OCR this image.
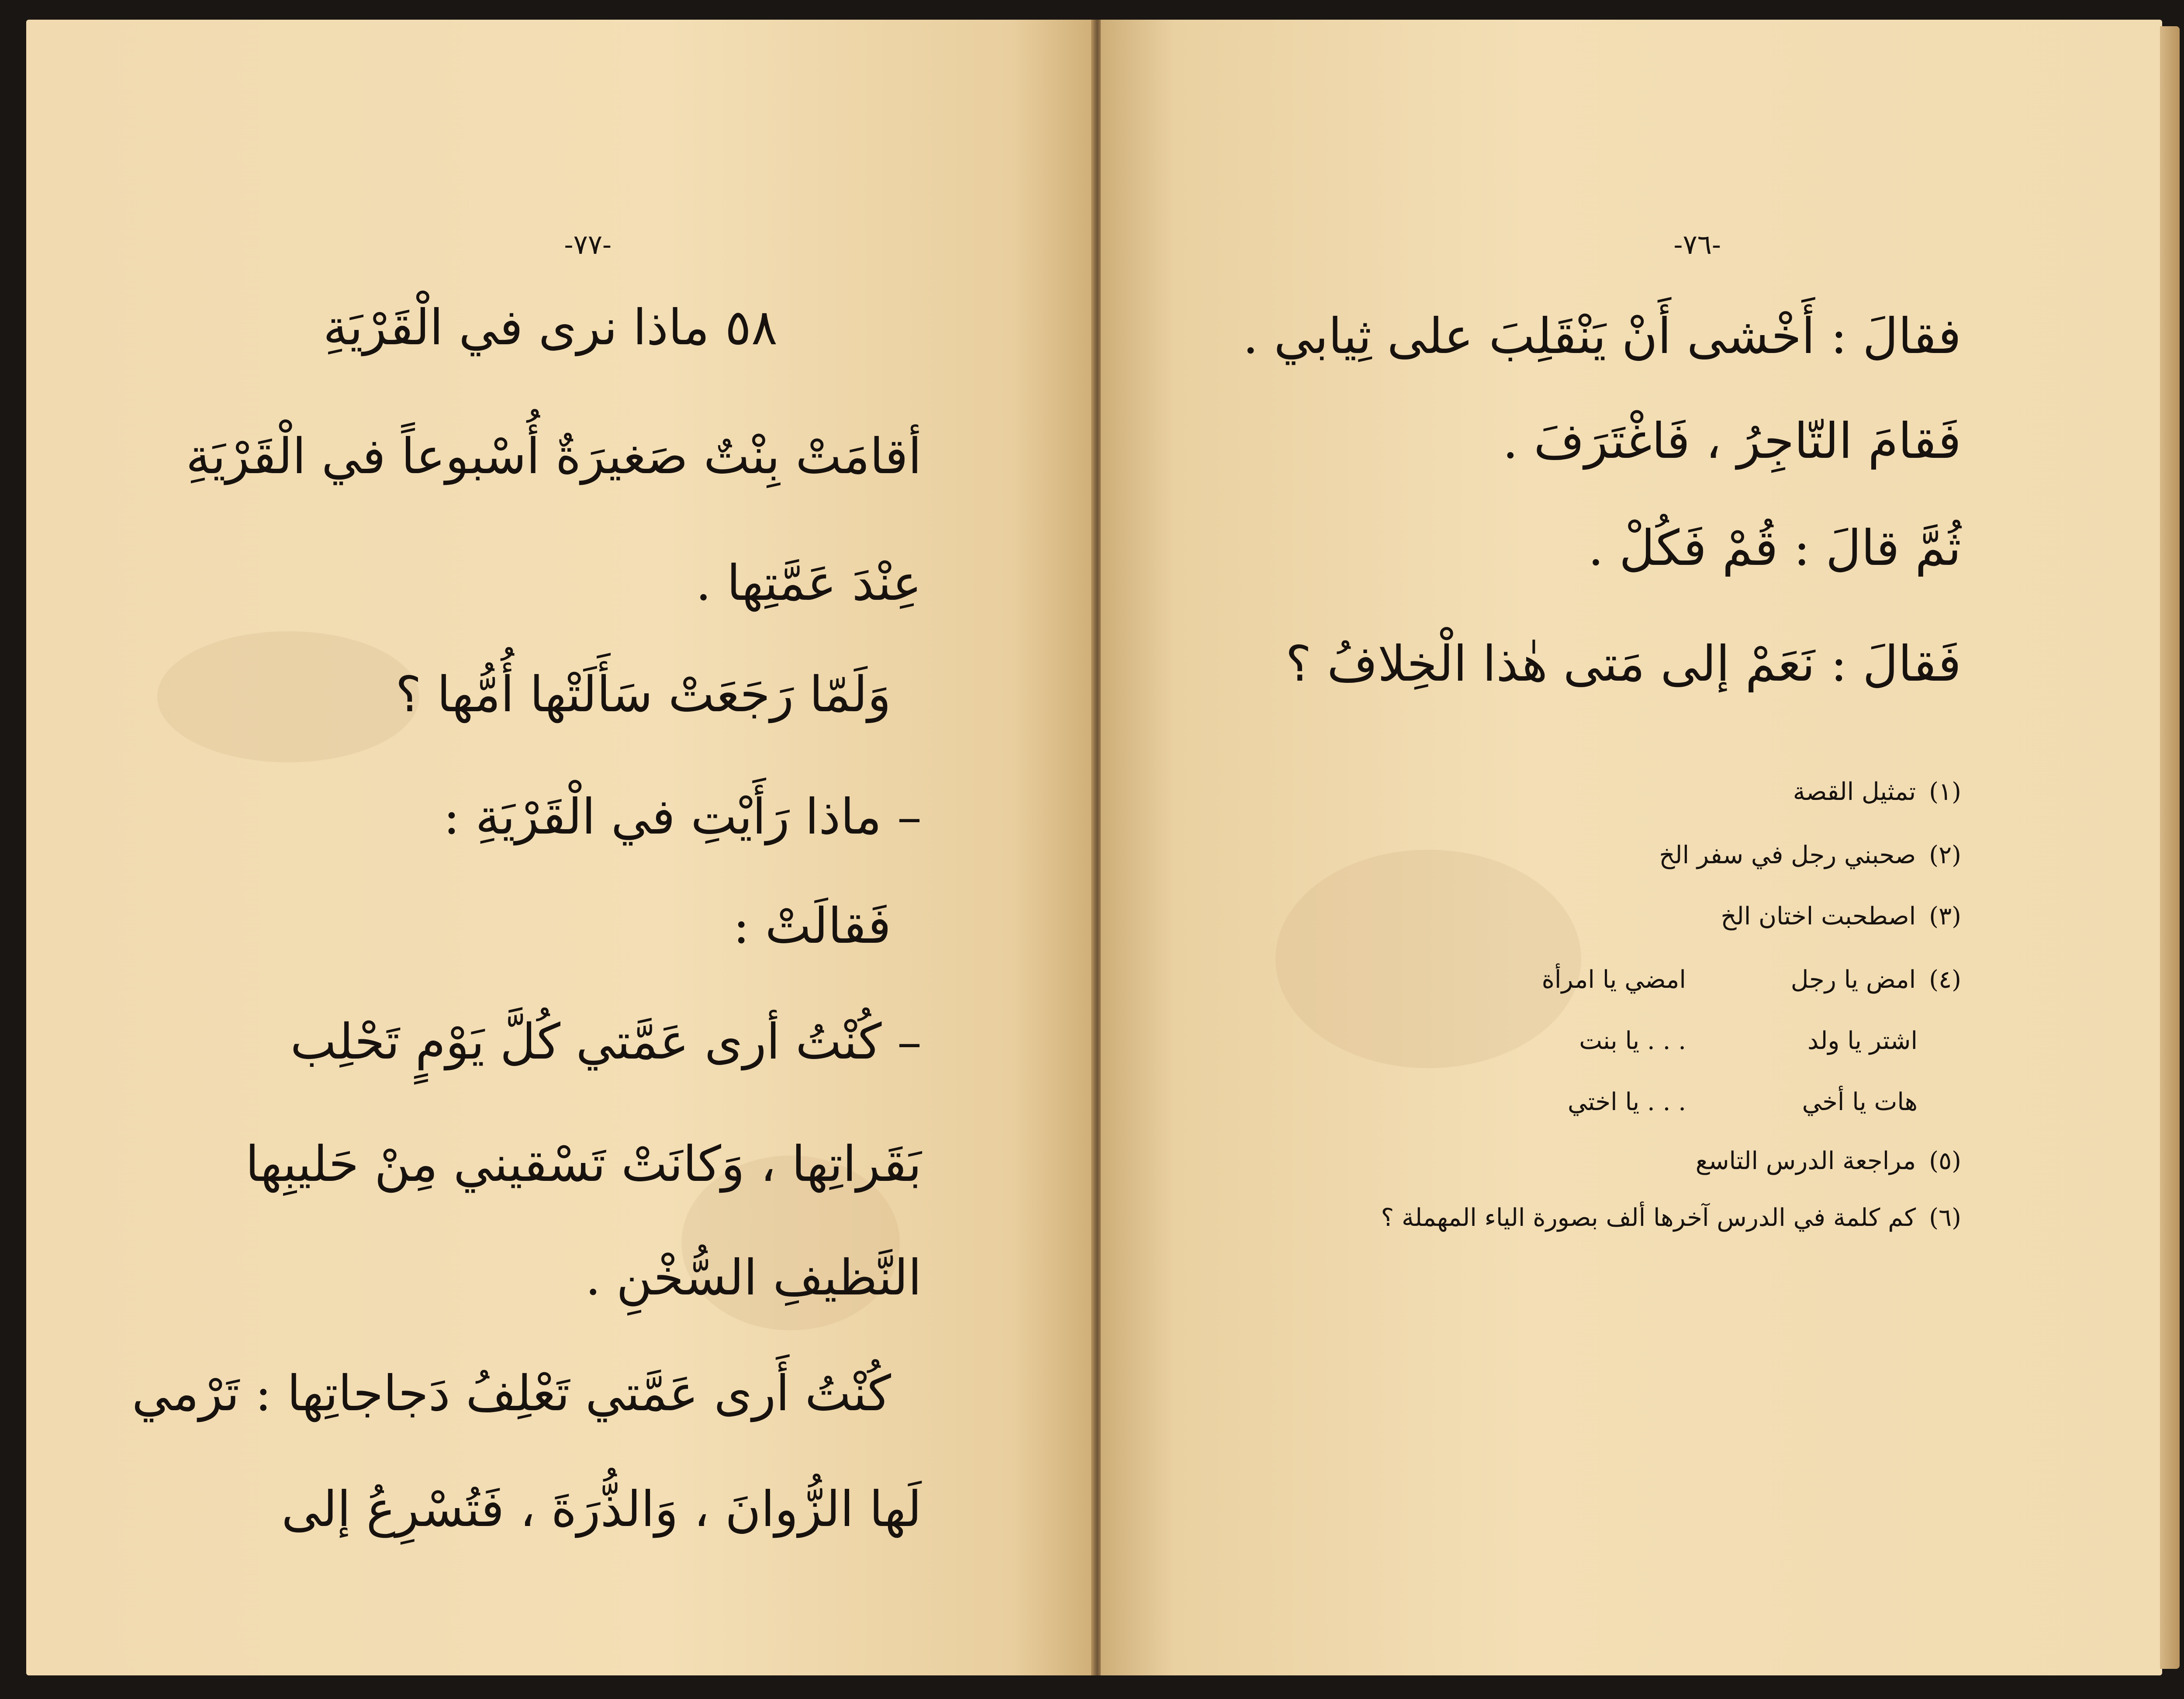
-٧٧-
٥٨ ماذا نرى في الْقَرْيَةِ
أقامَتْ بِنْتٌ صَغيرَةٌ أُسْبوعاً في الْقَرْيَةِ
عِنْدَ عَمَّتِها .
وَلَمّا رَجَعَتْ سَأَلَتْها أُمُّها ؟
– ماذا رَأَيْتِ في الْقَرْيَةِ :
فَقالَتْ :
– كُنْتُ أرى عَمَّتي كُلَّ يَوْمٍ تَحْلِب
بَقَراتِها ، وَكانَتْ تَسْقيني مِنْ حَليبِها
النَّظيفِ السُّخْنِ .
كُنْتُ أَرى عَمَّتي تَعْلِفُ دَجاجاتِها : تَرْمي
لَها الزُّوانَ ، وَالذُّرَةَ ، فَتُسْرِعُ إلى
-٧٦-
فقالَ : أَخْشى أَنْ يَنْقَلِبَ على ثِيابي .
فَقامَ التّاجِرُ ، فَاغْتَرَفَ .
ثُمَّ قالَ : قُمْ فَكُلْ .
فَقالَ : نَعَمْ إلى مَتى هٰذا الْخِلافُ ؟
(١)تمثيل القصة
(٢)صحبني رجل في سفر الخ
(٣)اصطحبت اختان الخ
(٤)امض يا رجل
امضي يا امرأة
اشتر يا ولد
. . . يا بنت
هات يا أخي
. . . يا اختي
(٥)مراجعة الدرس التاسع
(٦)كم كلمة في الدرس آخرها ألف بصورة الياء المهملة ؟
